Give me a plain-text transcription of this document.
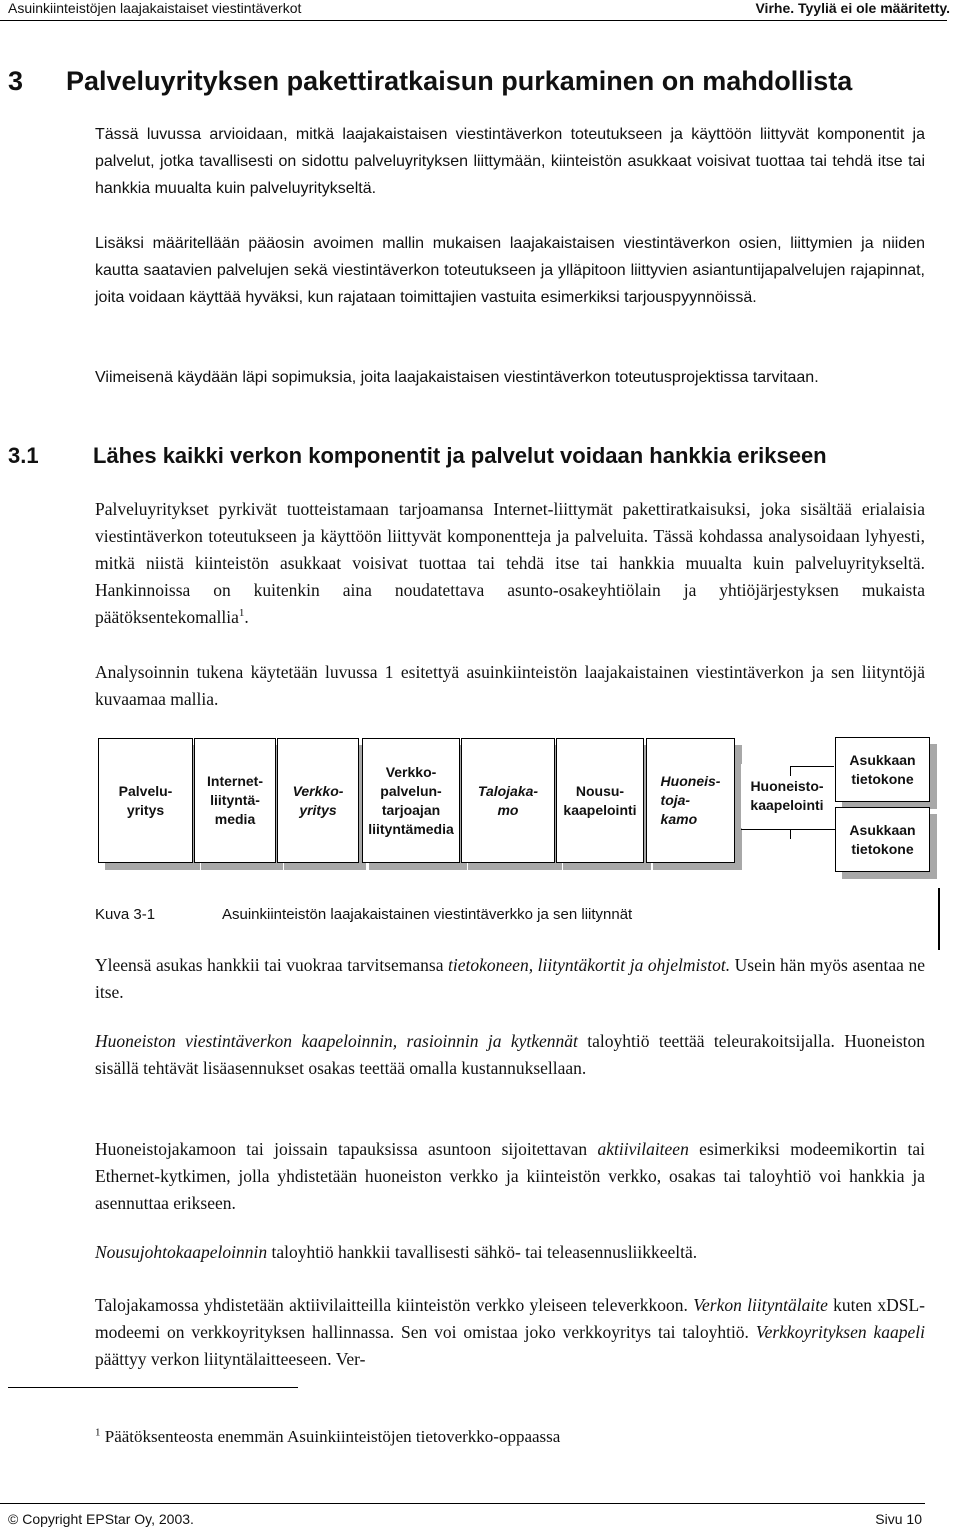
Asuinkiinteistöjen laajakaistaiset viestintäverkot	Virhe. Tyyliä ei ole määritetty.
3 Palveluyrityksen pakettiratkaisun purkaminen on mahdollista

Tässä luvussa arvioidaan, mitkä laajakaistaisen viestintäverkon toteutukseen ja käyttöön liittyvät komponentit ja palvelut, jotka tavallisesti on sidottu palveluyrityksen liittymään, kiinteistön asukkaat voisivat tuottaa tai tehdä itse tai hankkia muualta kuin palveluyritykseltä.

Lisäksi määritellään pääosin avoimen mallin mukaisen laajakaistaisen viestintäverkon osien, liittymien ja niiden kautta saatavien palvelujen sekä viestintäverkon toteutukseen ja ylläpitoon liittyvien asiantuntijapalvelujen rajapinnat, joita voidaan käyttää hyväksi, kun rajataan toimittajien vastuita esimerkiksi tarjouspyynnöissä.

Viimeisenä käydään läpi sopimuksia, joita laajakaistaisen viestintäverkon toteutusprojektissa tarvitaan.

3.1 Lähes kaikki verkon komponentit ja palvelut voidaan hankkia erikseen

Palveluyritykset pyrkivät tuotteistamaan tarjoamansa Internet-liittymät pakettiratkaisuksi, joka sisältää erialaisia viestintäverkon toteutukseen ja käyttöön liittyvät komponentteja ja palveluita. Tässä kohdassa analysoidaan lyhyesti, mitkä niistä kiinteistön asukkaat voisivat tuottaa tai tehdä itse tai hankkia muualta kuin palveluyritykseltä. Hankinnoissa on kuitenkin aina noudatettava asunto-osakeyhtiölain ja yhtiöjärjestyksen mukaista päätöksentekomallia$^1$.

Analysoinnin tukena käytetään luvussa 1 esitettyä asuinkiinteistön laajakaistainen viestintäverkon ja sen liityntöjä kuvaamaa mallia.

Palvelu-
yritys
Internet-
liityntä-
media
Verkko-
yritys
Verkko-
palvelun-
tarjoajan
liityntämedia
Talojaka-
mo
Nousu-
kaapelointi
Huoneis-
toja-
kamo
Huoneisto-
kaapelointi
Asukkaan
tietokone
Asukkaan
tietokone
Kuva 3-1	Asuinkiinteistön laajakaistainen viestintäverkko ja sen liitynnät

Yleensä asukas hankkii tai vuokraa tarvitsemansa tietokoneen, liityntäkortit ja ohjelmistot. Usein hän myös asentaa ne itse.

Huoneiston viestintäverkon kaapeloinnin, rasioinnin ja kytkennät taloyhtiö teettää teleurakoitsijalla. Huoneiston sisällä tehtävät lisäasennukset osakas teettää omalla kustannuksellaan.

Huoneistojakamoon tai joissain tapauksissa asuntoon sijoitettavan aktiivilaiteen esimerkiksi modeemikortin tai Ethernet-kytkimen, jolla yhdistetään huoneiston verkko ja kiinteistön verkko, osakas tai taloyhtiö voi hankkia ja asennuttaa erikseen.

Nousujohtokaapeloinnin taloyhtiö hankkii tavallisesti sähkö- tai teleasennusliikkeeltä.

Talojakamossa yhdistetään aktiivilaitteilla kiinteistön verkko yleiseen televerkkoon. Verkon liityntälaite kuten xDSL-modeemi on verkkoyrityksen hallinnassa. Sen voi omistaa joko verkkoyritys tai taloyhtiö. Verkkoyrityksen kaapeli päättyy verkon liityntälaitteeseen. Ver-

$^1$ Päätöksenteosta enemmän Asuinkiinteistöjen tietoverkko-oppaassa
© Copyright EPStar Oy, 2003.	Sivu 10
